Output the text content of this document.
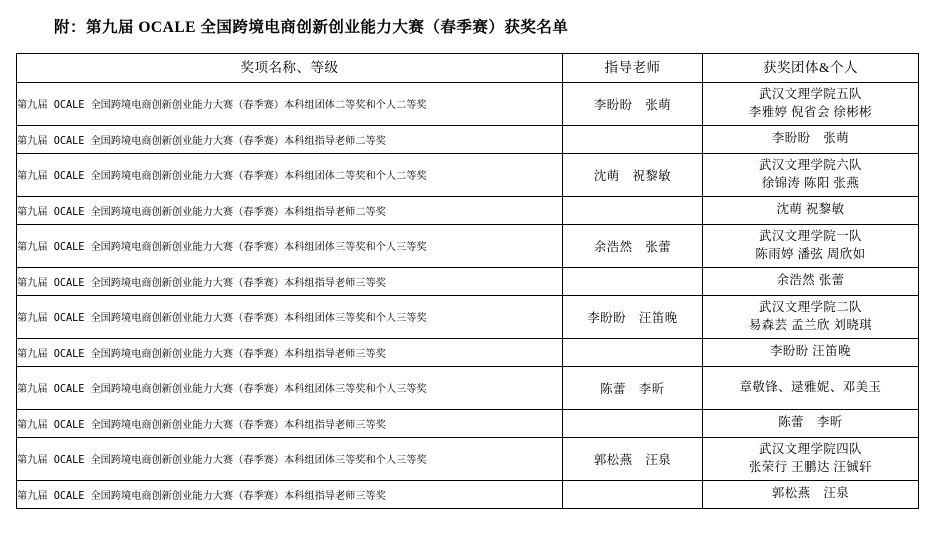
附：第九届 OCALE 全国跨境电商创新创业能力大赛（春季赛）获奖名单
奖项名称、等级	指导老师	获奖团体&个人
第九届 OCALE 全国跨境电商创新创业能力大赛（春季赛）本科组团体二等奖和个人二等奖	李盼盼　张萌	武汉文理学院五队
李雅婷 倪省会 徐彬彬

第九届 OCALE 全国跨境电商创新创业能力大赛（春季赛）本科组指导老师二等奖		李盼盼　张萌

第九届 OCALE 全国跨境电商创新创业能力大赛（春季赛）本科组团体二等奖和个人二等奖	沈萌　祝黎敏	武汉文理学院六队
徐锦涛 陈阳 张燕

第九届 OCALE 全国跨境电商创新创业能力大赛（春季赛）本科组指导老师二等奖		沈萌 祝黎敏

第九届 OCALE 全国跨境电商创新创业能力大赛（春季赛）本科组团体三等奖和个人三等奖	余浩然　张蕾	武汉文理学院一队
陈雨婷 潘弦 周欣如

第九届 OCALE 全国跨境电商创新创业能力大赛（春季赛）本科组指导老师三等奖		余浩然 张蕾

第九届 OCALE 全国跨境电商创新创业能力大赛（春季赛）本科组团体三等奖和个人三等奖	李盼盼　汪笛晚	武汉文理学院二队
易森芸 孟兰欣 刘晓琪

第九届 OCALE 全国跨境电商创新创业能力大赛（春季赛）本科组指导老师三等奖		李盼盼 汪笛晚

第九届 OCALE 全国跨境电商创新创业能力大赛（春季赛）本科组团体三等奖和个人三等奖	陈蕾　李昕	章敬锋、逯雅妮、邓美玉

第九届 OCALE 全国跨境电商创新创业能力大赛（春季赛）本科组指导老师三等奖		陈蕾　李昕

第九届 OCALE 全国跨境电商创新创业能力大赛（春季赛）本科组团体三等奖和个人三等奖	郭松燕　汪泉	武汉文理学院四队
张荣行 王鹏达 汪铖轩

第九届 OCALE 全国跨境电商创新创业能力大赛（春季赛）本科组指导老师三等奖		郭松燕　汪泉
